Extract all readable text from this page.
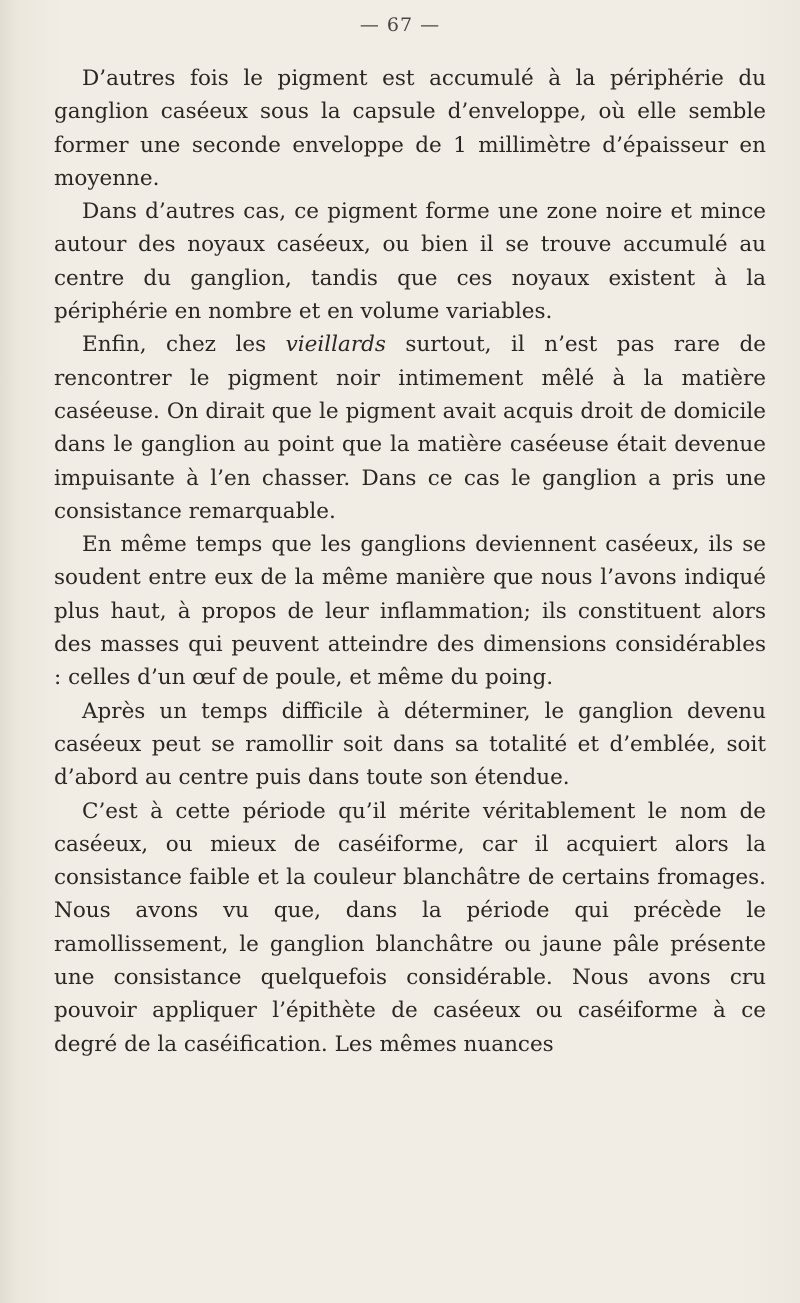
— 67 —

D’autres fois le pigment est accumulé à la périphérie du ganglion caséeux sous la capsule d’enveloppe, où elle semble former une seconde enveloppe de 1 millimètre d’épaisseur en moyenne.

Dans d’autres cas, ce pigment forme une zone noire et mince autour des noyaux caséeux, ou bien il se trouve accumulé au centre du ganglion, tandis que ces noyaux existent à la périphérie en nombre et en volume variables.

Enfin, chez les vieillards surtout, il n’est pas rare de rencontrer le pigment noir intimement mêlé à la matière caséeuse. On dirait que le pigment avait acquis droit de domicile dans le ganglion au point que la matière caséeuse était devenue impuisante à l’en chasser. Dans ce cas le ganglion a pris une consistance remarquable.

En même temps que les ganglions deviennent caséeux, ils se soudent entre eux de la même manière que nous l’avons indiqué plus haut, à propos de leur inflammation; ils constituent alors des masses qui peuvent atteindre des dimensions considérables : celles d’un œuf de poule, et même du poing.

Après un temps difficile à déterminer, le ganglion devenu caséeux peut se ramollir soit dans sa totalité et d’emblée, soit d’abord au centre puis dans toute son étendue.

C’est à cette période qu’il mérite véritablement le nom de caséeux, ou mieux de caséiforme, car il acquiert alors la consistance faible et la couleur blanchâtre de certains fromages. Nous avons vu que, dans la période qui précède le ramollissement, le ganglion blanchâtre ou jaune pâle présente une consistance quelquefois considérable. Nous avons cru pouvoir appliquer l’épithète de caséeux ou caséiforme à ce degré de la caséification. Les mêmes nuances
